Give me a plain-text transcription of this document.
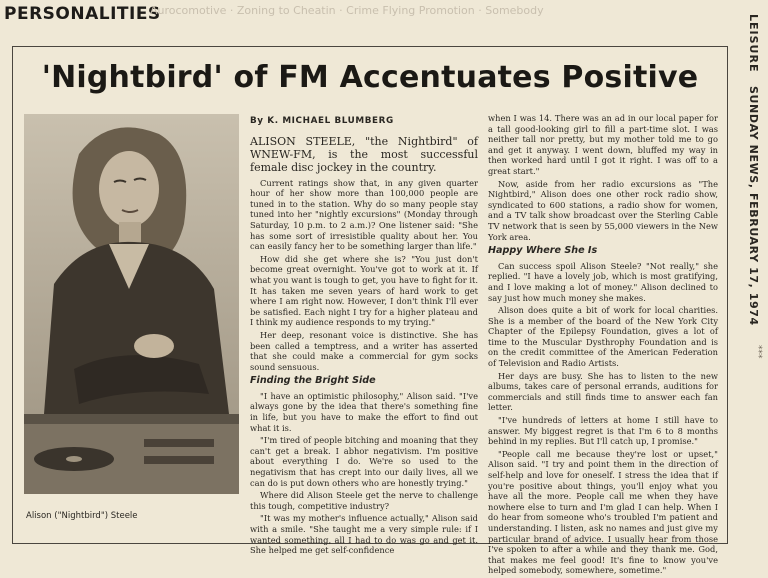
PERSONALITIES
Aurocomotive · Zoning to Cheatin · Crime Flying Promotion · Somebody
LEISURE
SUNDAY NEWS, FEBRUARY 17, 1974
***
'Nightbird' of FM Accentuates Positive
Alison ("Nightbird") Steele
By K. MICHAEL BLUMBERG

ALISON STEELE, "the Nightbird" of WNEW-FM, is the most successful female disc jockey in the country.

Current ratings show that, in any given quarter hour of her show more than 100,000 people are tuned in to the station. Why do so many people stay tuned into her "nightly excursions" (Monday through Saturday, 10 p.m. to 2 a.m.)? One listener said: "She has some sort of irresistible quality about her. You can easily fancy her to be something larger than life."

How did she get where she is? "You just don't become great overnight. You've got to work at it. If what you want is tough to get, you have to fight for it. It has taken me seven years of hard work to get where I am right now. However, I don't think I'll ever be satisfied. Each night I try for a higher plateau and I think my audience responds to my trying."

Her deep, resonant voice is distinctive. She has been called a temptress, and a writer has asserted that she could make a commercial for gym socks sound sensuous.

Finding the Bright Side

"I have an optimistic philosophy," Alison said. "I've always gone by the idea that there's something fine in life, but you have to make the effort to find out what it is.

"I'm tired of people bitching and moaning that they can't get a break. I abhor negativism. I'm positive about everything I do. We're so used to the negativism that has crept into our daily lives, all we can do is put down others who are honestly trying."

Where did Alison Steele get the nerve to challenge this tough, competitive industry?

"It was my mother's influence actually," Alison said with a smile. "She taught me a very simple rule: if I wanted something, all I had to do was go and get it. She helped me get self-confidence

when I was 14. There was an ad in our local paper for a tall good-looking girl to fill a part-time slot. I was neither tall nor pretty, but my mother told me to go and get it anyway. I went down, bluffed my way in then worked hard until I got it right. I was off to a great start."

Now, aside from her radio excursions as "The Nightbird," Alison does one other rock radio show, syndicated to 600 stations, a radio show for women, and a TV talk show broadcast over the Sterling Cable TV network that is seen by 55,000 viewers in the New York area.

Happy Where She Is

Can success spoil Alison Steele? "Not really," she replied. "I have a lovely job, which is most gratifying, and I love making a lot of money." Alison declined to say just how much money she makes.

Alison does quite a bit of work for local charities. She is a member of the board of the New York City Chapter of the Epilepsy Foundation, gives a lot of time to the Muscular Dysthrophy Foundation and is on the credit committee of the American Federation of Television and Radio Artists.

Her days are busy. She has to listen to the new albums, takes care of personal errands, auditions for commercials and still finds time to answer each fan letter.

"I've hundreds of letters at home I still have to answer. My biggest regret is that I'm 6 to 8 months behind in my replies. But I'll catch up, I promise."

"People call me because they're lost or upset," Alison said. "I try and point them in the direction of self-help and love for oneself. I stress the idea that if you're positive about things, you'll enjoy what you have all the more. People call me when they have nowhere else to turn and I'm glad I can help. When I do hear from someone who's troubled I'm patient and understanding. I listen, ask no names and just give my particular brand of advice. I usually hear from those I've spoken to after a while and they thank me. God, that makes me feel good! It's fine to know you've helped somebody, somewhere, sometime."
